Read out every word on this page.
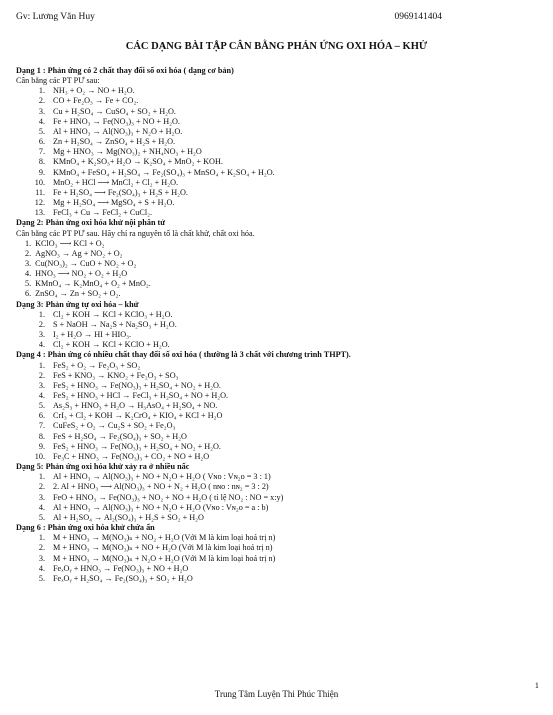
Gv: Lương Văn Huy	0969141404
CÁC DẠNG BÀI TẬP CÂN BẰNG PHẢN ỨNG OXI HÓA – KHỬ
Dạng 1 : Phản ứng có 2 chất thay đổi số oxi hóa ( dạng cơ bản)
Cân bằng các PT PƯ sau:
1. NH₃ + O₂ → NO + H₂O.
2. CO + Fe₂O₃ → Fe + CO₂.
3. Cu + H₂SO₄ → CuSO₄ + SO₂ + H₂O.
4. Fe + HNO₃ → Fe(NO₃)₃ + NO + H₂O.
5. Al + HNO₃ → Al(NO₃)₃ + N₂O + H₂O.
6. Zn + H₂SO₄ → ZnSO₄ + H₂S + H₂O.
7. Mg + HNO₃ → Mg(NO₃)₂ + NH₄NO₃ + H₂O
8. KMnO₄ + K₂SO₃+ H₂O → K₂SO₄ + MnO₂ + KOH.
9. KMnO₄ + FeSO₄ + H₂SO₄ → Fe₂(SO₄)₃ + MnSO₄ + K₂SO₄ + H₂O.
10. MnO₂ + HCl ⟶ MnCl₂ + Cl₂ + H₂O.
11. Fe + H₂SO₄ ⟶ Fe₂(SO₄)₃ + H₂S + H₂O.
12. Mg + H₂SO₄ ⟶ MgSO₄ + S + H₂O.
13. FeCl₃ + Cu → FeCl₂ + CuCl₂.
Dạng 2: Phản ứng oxi hóa khử nội phân tử
Cân bằng các PT PƯ sau. Hãy chỉ ra nguyên tố là chất khử, chất oxi hóa.
1. KClO₃ ⟶ KCl + O₂
2. AgNO₃ → Ag + NO₂ + O₂
3. Cu(NO₃)₂ → CuO + NO₂ + O₂
4. HNO₃ ⟶ NO₂ + O₂ + H₂O
5. KMnO₄ → K₂MnO₄ + O₂ + MnO₂.
6. ZnSO₄ → Zn + SO₂ + O₂.
Dạng 3: Phản ứng tự oxi hóa – khử
1. Cl₂ + KOH → KCl + KClO₃ + H₂O.
2. S + NaOH → Na₂S + Na₂SO₃ + H₂O.
3. I₂ + H₂O → HI + HIO₃.
4. Cl₂ + KOH → KCl + KClO + H₂O.
Dạng 4 : Phản ứng có nhiều chất thay đổi số oxi hóa ( thường là 3 chất với chương trình THPT).
1. FeS₂ + O₂ → Fe₂O₃ + SO₂
2. FeS + KNO₃ → KNO₂ + Fe₂O₃ + SO₃
3. FeS₂ + HNO₃ → Fe(NO₃)₃ + H₂SO₄ + NO₂ + H₂O.
4. FeS₂ + HNO₃ + HCl → FeCl₃ + H₂SO₄ + NO + H₂O.
5. As₂S₃ + HNO₃ + H₂O → H₃AsO₄ + H₂SO₄ + NO.
6. CrI₃ + Cl₂ + KOH → K₂CrO₄ + KIO₄ + KCl + H₂O
7. CuFeS₂ + O₂ → Cu₂S + SO₂ + Fe₂O₃
8. FeS + H₂SO₄ → Fe₂(SO₄)₃ + SO₂ + H₂O
9. FeS₂ + HNO₃ → Fe(NO₃)₃ + H₂SO₄ + NO₂ + H₂O.
10. Fe₃C + HNO₃ → Fe(NO₃)₃ + CO₂ + NO + H₂O
Dạng 5: Phản ứng oxi hóa khử xảy ra ở nhiều nấc
1. Al + HNO₃ → Al(NO₃)₃ + NO + N₂O + H₂O ( Vɴᴏ : Vɴ₂ᴏ = 3 : 1)
2. 2. Al + HNO₃ ⟶ Al(NO₃)₃ + NO + N₂ + H₂O ( nɴᴏ : nɴ₂ = 3 : 2)
3. FeO + HNO₃ → Fe(NO₃)₃ + NO₂ + NO + H₂O ( tỉ lệ NO₂ : NO = x:y)
4. Al + HNO₃ → Al(NO₃)₃ + NO + N₂O + H₂O (Vɴᴏ : Vɴ₂ᴏ = a : b)
5. Al + H₂SO₄ → Al₂(SO₄)₃ + H₂S + SO₂ + H₂O
Dạng 6 : Phản ứng oxi hóa khử chứa ẩn
1. M + HNO₃ → M(NO₃)ₙ + NO₂ + H₂O (Với M là kim loại hoá trị n)
2. M + HNO₃ → M(NO₃)ₙ + NO + H₂O (Với M là kim loại hoá trị n)
3. M + HNO₃ → M(NO₃)ₙ + N₂O + H₂O (Với M là kim loại hoá trị n)
4. FeₓOᵧ + HNO₃ → Fe(NO₃)₃ + NO + H₂O
5. FeₓOᵧ + H₂SO₄ → Fe₂(SO₄)₃ + SO₂ + H₂O
1
Trung Tâm Luyện Thi Phúc Thiện
